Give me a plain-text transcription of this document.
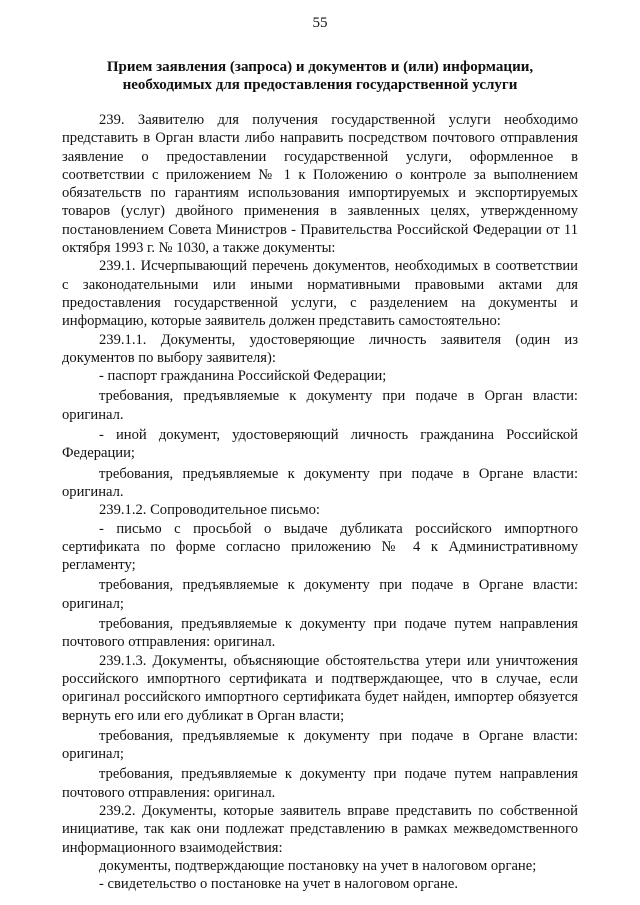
55
Прием заявления (запроса) и документов и (или) информации,
необходимых для предоставления государственной услуги

239. Заявителю для получения государственной услуги необходимо представить в Орган власти либо направить посредством почтового отправления заявление о предоставлении государственной услуги, оформленное в соответствии с приложением № 1 к Положению о контроле за выполнением обязательств по гарантиям использования импортируемых и экспортируемых товаров (услуг) двойного применения в заявленных целях, утвержденному постановлением Совета Министров - Правительства Российской Федерации от 11 октября 1993 г. № 1030, а также документы:

239.1. Исчерпывающий перечень документов, необходимых в соответствии с законодательными или иными нормативными правовыми актами для предоставления государственной услуги, с разделением на документы и информацию, которые заявитель должен представить самостоятельно:

239.1.1. Документы, удостоверяющие личность заявителя (один из документов по выбору заявителя):

- паспорт гражданина Российской Федерации;

требования, предъявляемые к документу при подаче в Орган власти: оригинал.

- иной документ, удостоверяющий личность гражданина Российской Федерации;

требования, предъявляемые к документу при подаче в Органе власти: оригинал.

239.1.2. Сопроводительное письмо:

- письмо с просьбой о выдаче дубликата российского импортного сертификата по форме согласно приложению № 4 к Административному регламенту;

требования, предъявляемые к документу при подаче в Органе власти: оригинал;

требования, предъявляемые к документу при подаче путем направления почтового отправления: оригинал.

239.1.3. Документы, объясняющие обстоятельства утери или уничтожения российского импортного сертификата и подтверждающее, что в случае, если оригинал российского импортного сертификата будет найден, импортер обязуется вернуть его или его дубликат в Орган власти;

требования, предъявляемые к документу при подаче в Органе власти: оригинал;

требования, предъявляемые к документу при подаче путем направления почтового отправления: оригинал.

239.2. Документы, которые заявитель вправе представить по собственной инициативе, так как они подлежат представлению в рамках межведомственного информационного взаимодействия:

документы, подтверждающие постановку на учет в налоговом органе;

- свидетельство о постановке на учет в налоговом органе.
